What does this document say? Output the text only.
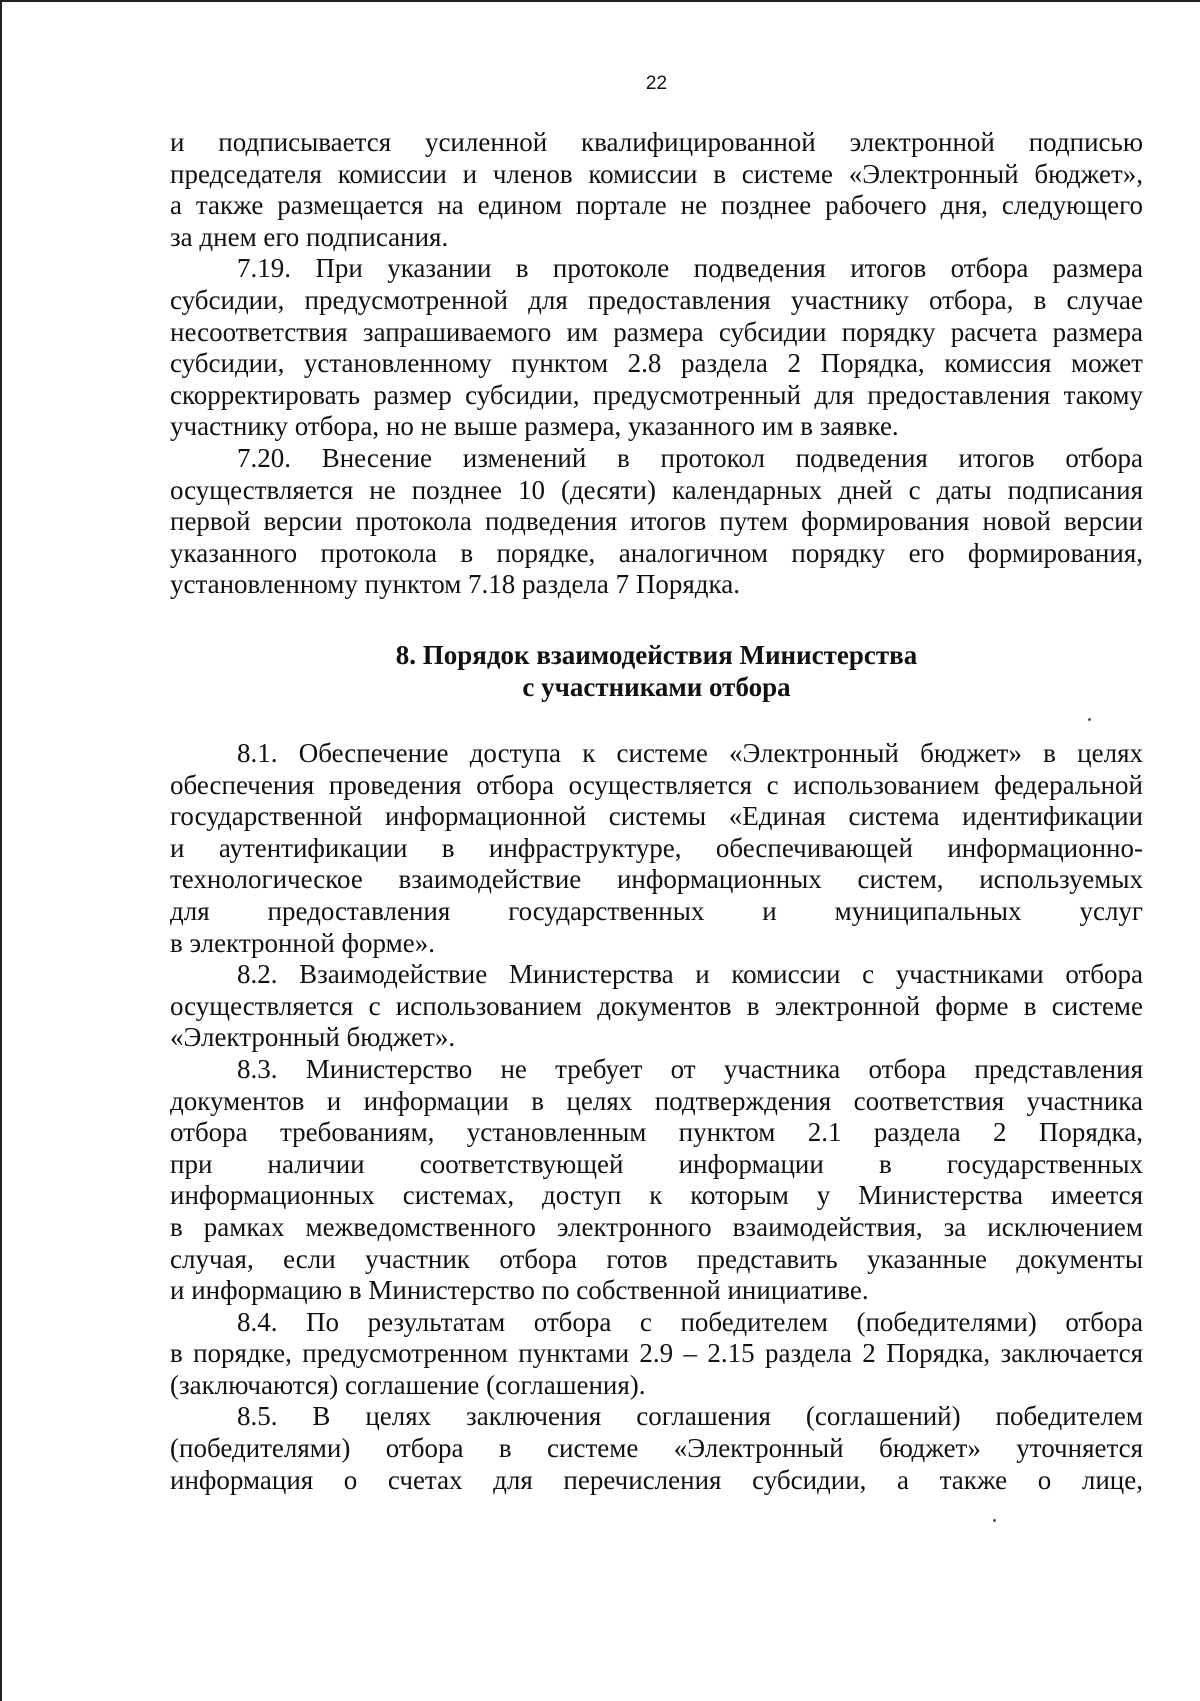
22
и подписывается усиленной квалифицированной электронной подписью
председателя комиссии и членов комиссии в системе «Электронный бюджет»,
а также размещается на едином портале не позднее рабочего дня, следующего
за днем его подписания.
7.19. При указании в протоколе подведения итогов отбора размера
субсидии, предусмотренной для предоставления участнику отбора, в случае
несоответствия запрашиваемого им размера субсидии порядку расчета размера
субсидии, установленному пунктом 2.8 раздела 2 Порядка, комиссия может
скорректировать размер субсидии, предусмотренный для предоставления такому
участнику отбора, но не выше размера, указанного им в заявке.
7.20. Внесение изменений в протокол подведения итогов отбора
осуществляется не позднее 10 (десяти) календарных дней с даты подписания
первой версии протокола подведения итогов путем формирования новой версии
указанного протокола в порядке, аналогичном порядку его формирования,
установленному пунктом 7.18 раздела 7 Порядка.
8. Порядок взаимодействия Министерства
с участниками отбора
8.1. Обеспечение доступа к системе «Электронный бюджет» в целях
обеспечения проведения отбора осуществляется с использованием федеральной
государственной информационной системы «Единая система идентификации
и аутентификации в инфраструктуре, обеспечивающей информационно-
технологическое взаимодействие информационных систем, используемых
для предоставления государственных и муниципальных услуг
в электронной форме».
8.2. Взаимодействие Министерства и комиссии с участниками отбора
осуществляется с использованием документов в электронной форме в системе
«Электронный бюджет».
8.3. Министерство не требует от участника отбора представления
документов и информации в целях подтверждения соответствия участника
отбора требованиям, установленным пунктом 2.1 раздела 2 Порядка,
при наличии соответствующей информации в государственных
информационных системах, доступ к которым у Министерства имеется
в рамках межведомственного электронного взаимодействия, за исключением
случая, если участник отбора готов представить указанные документы
и информацию в Министерство по собственной инициативе.
8.4. По результатам отбора с победителем (победителями) отбора
в порядке, предусмотренном пунктами 2.9 – 2.15 раздела 2 Порядка, заключается
(заключаются) соглашение (соглашения).
8.5. В целях заключения соглашения (соглашений) победителем
(победителями) отбора в системе «Электронный бюджет» уточняется
информация о счетах для перечисления субсидии, а также о лице,
